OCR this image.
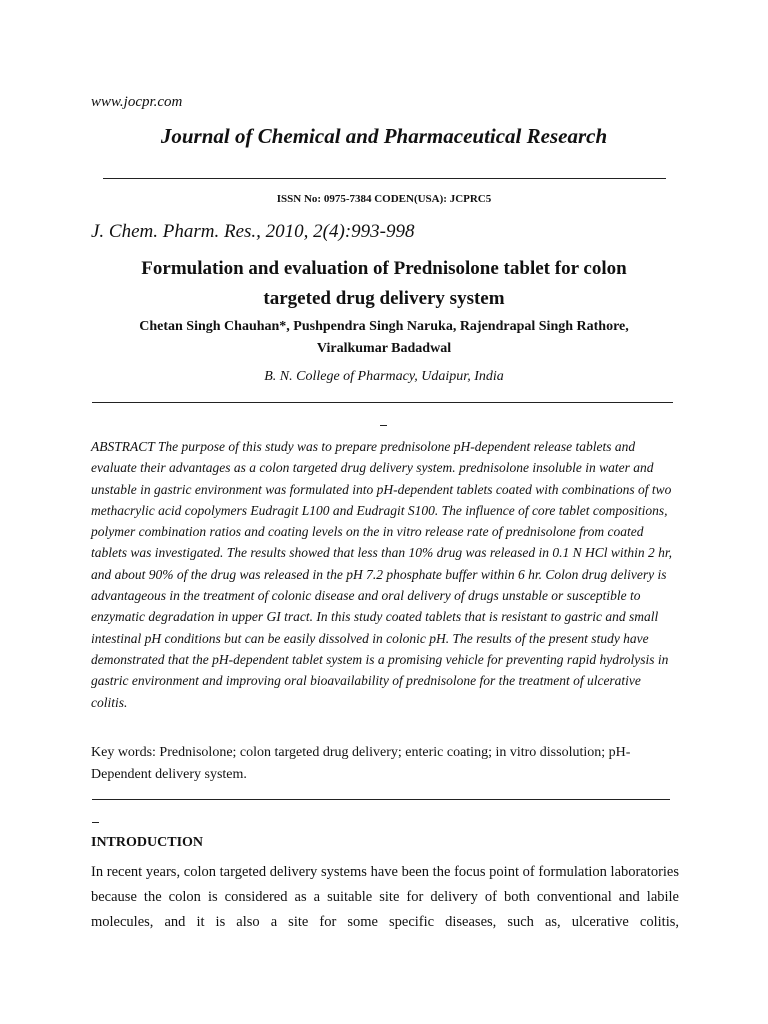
www.jocpr.com
Journal of Chemical and Pharmaceutical Research
ISSN No: 0975-7384 CODEN(USA): JCPRC5
J. Chem. Pharm. Res., 2010, 2(4):993-998
Formulation and evaluation of Prednisolone tablet for colon
targeted drug delivery system
Chetan Singh Chauhan*, Pushpendra Singh Naruka, Rajendrapal Singh Rathore,
Viralkumar Badadwal
B. N. College of Pharmacy, Udaipur, India

ABSTRACT The purpose of this study was to prepare prednisolone pH-dependent release tablets and evaluate their advantages as a colon targeted drug delivery system. prednisolone insoluble in water and unstable in gastric environment was formulated into pH-dependent tablets coated with combinations of two methacrylic acid copolymers Eudragit L100 and Eudragit S100. The influence of core tablet compositions, polymer combination ratios and coating levels on the in vitro release rate of prednisolone from coated tablets was investigated. The results showed that less than 10% drug was released in 0.1 N HCl within 2 hr, and about 90% of the drug was released in the pH 7.2 phosphate buffer within 6 hr. Colon drug delivery is advantageous in the treatment of colonic disease and oral delivery of drugs unstable or susceptible to enzymatic degradation in upper GI tract. In this study coated tablets that is resistant to gastric and small intestinal pH conditions but can be easily dissolved in colonic pH. The results of the present study have demonstrated that the pH-dependent tablet system is a promising vehicle for preventing rapid hydrolysis in gastric environment and improving oral bioavailability of prednisolone for the treatment of ulcerative colitis.

Key words: Prednisolone; colon targeted drug delivery; enteric coating; in vitro dissolution; pH-Dependent delivery system.

INTRODUCTION

In recent years, colon targeted delivery systems have been the focus point of formulation laboratories because the colon is considered as a suitable site for delivery of both conventional and labile molecules, and it is also a site for some specific diseases, such as, ulcerative colitis,
